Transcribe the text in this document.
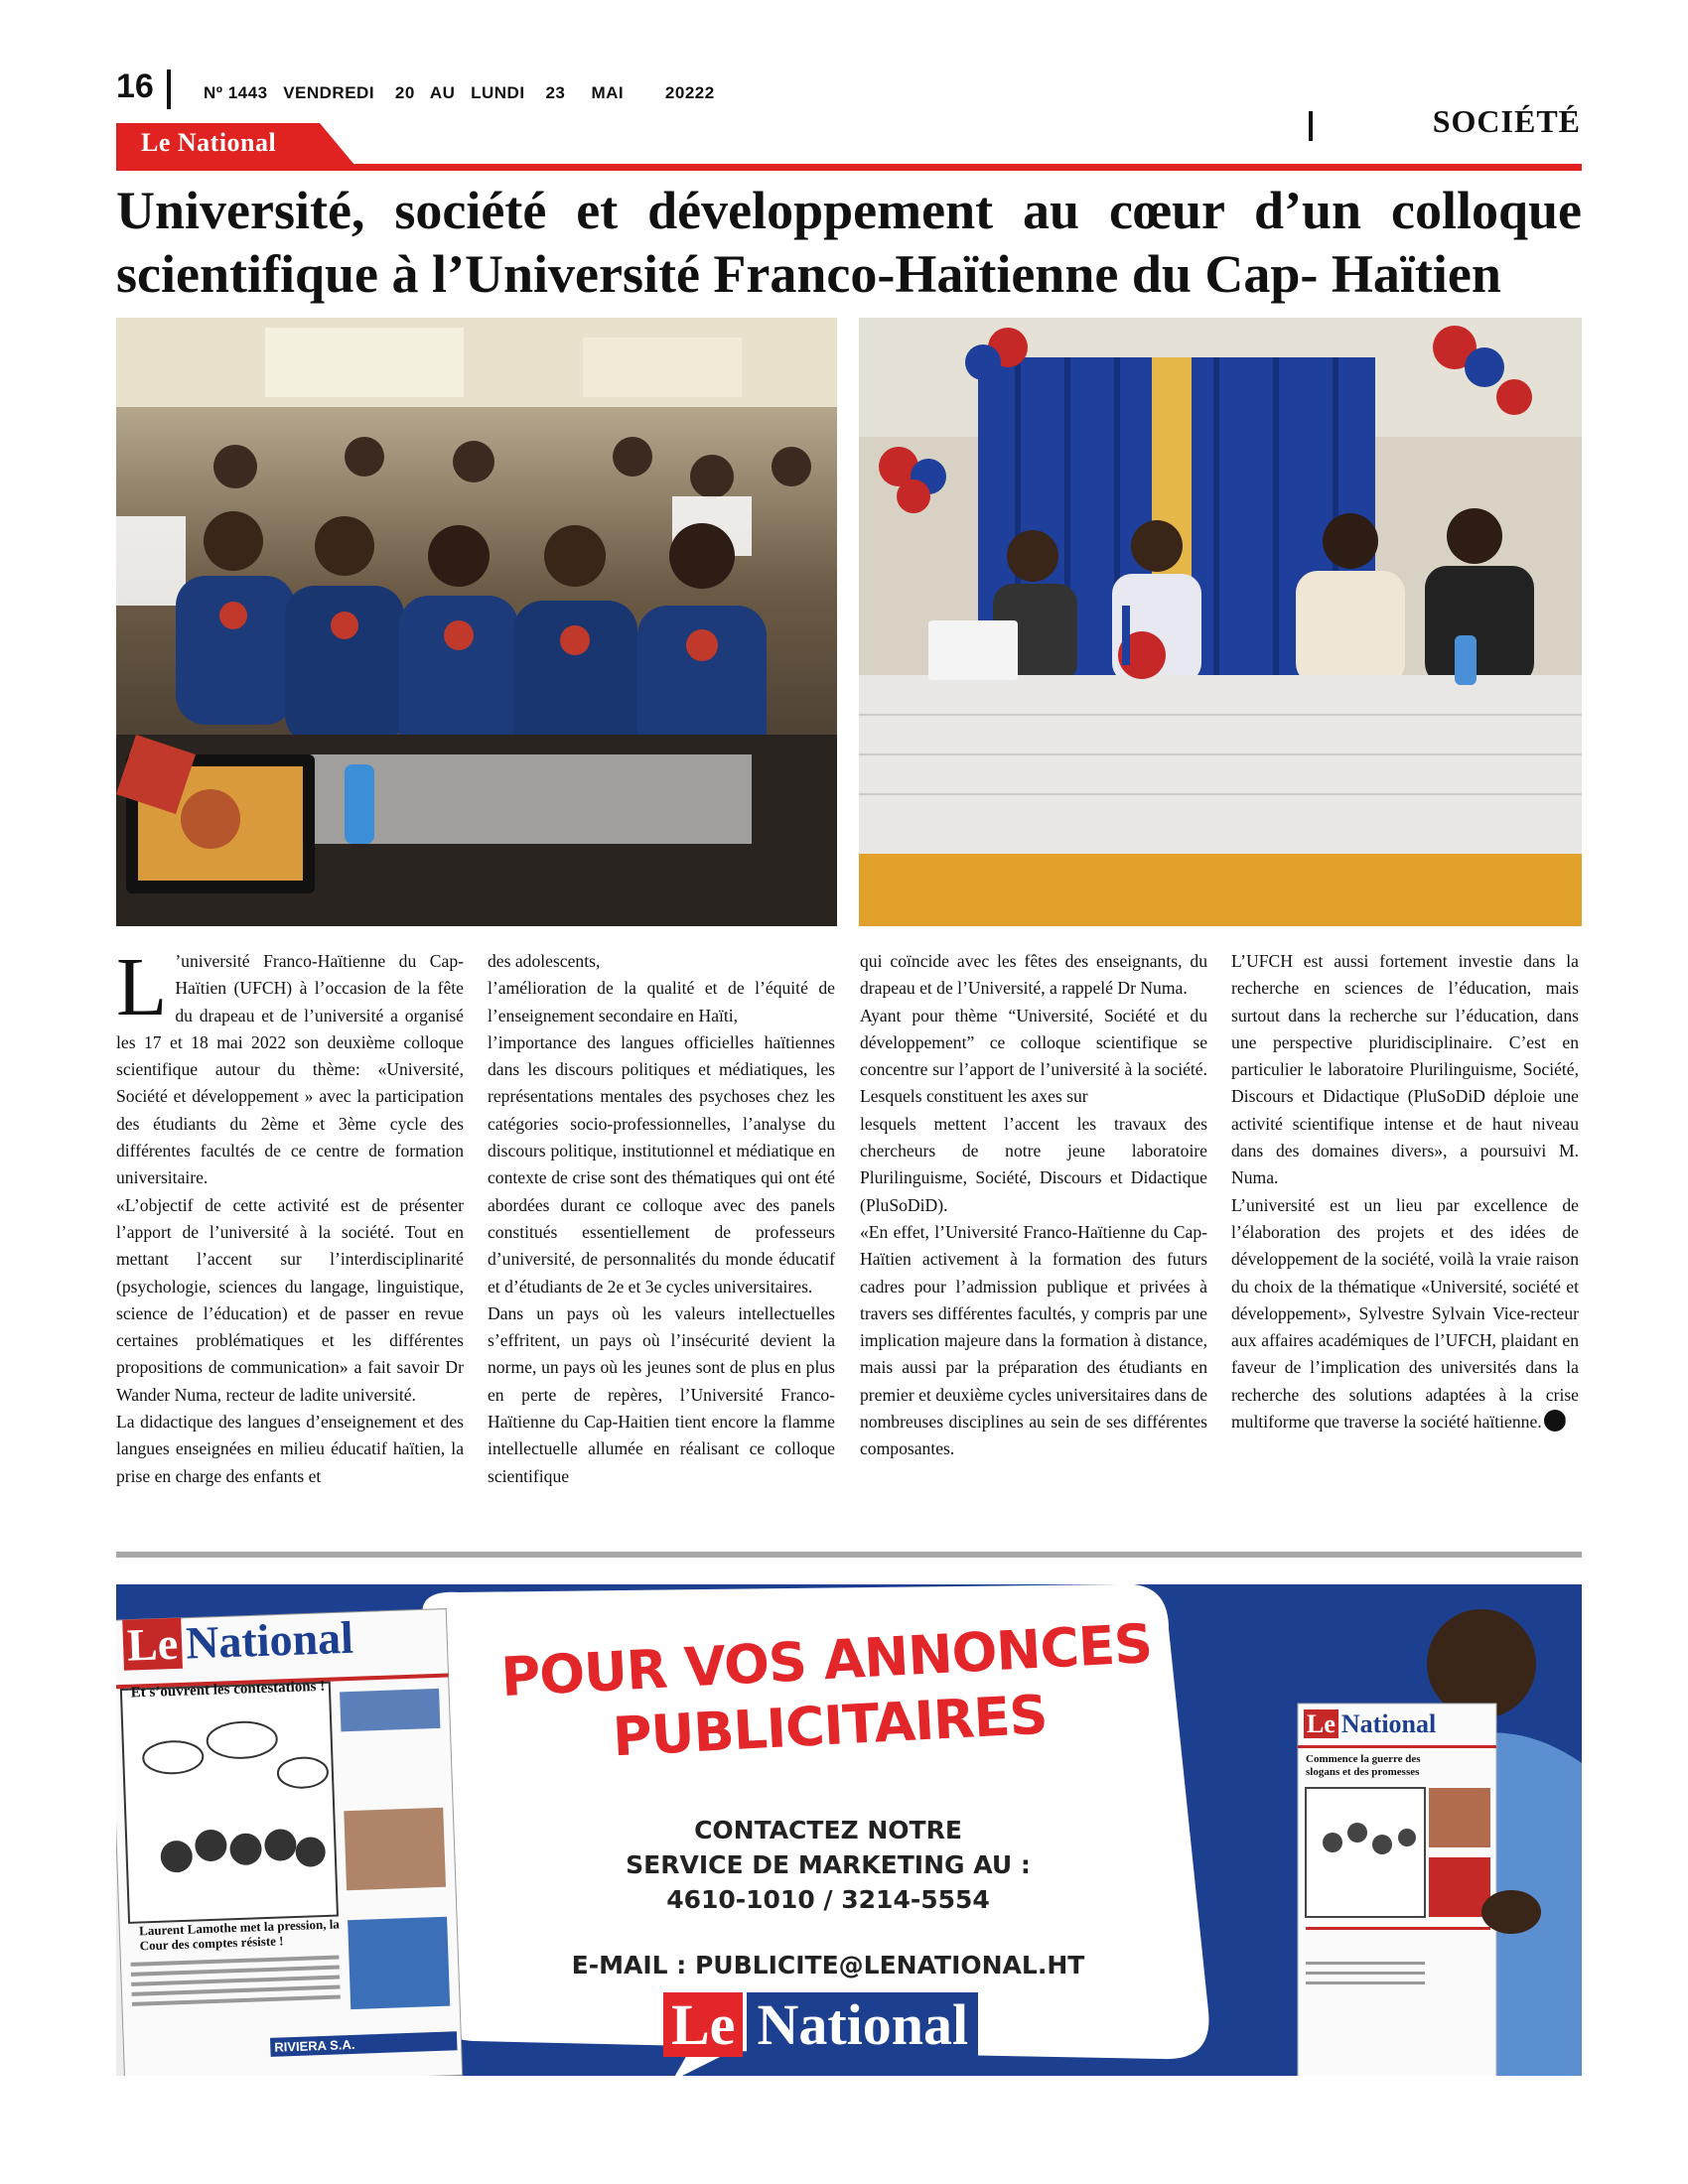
16	Nº 1443   VENDREDI    20   AU   LUNDI    23     MAI        20222
Le National
SOCIÉTÉ
Université, société et développement au cœur d’un colloque scientifique à l’Université Franco-Haïtienne du Cap- Haïtien
L ’université Franco-Haïtienne du Cap-Haïtien (UFCH) à l’occasion de la fête du drapeau et de l’université a organisé les 17 et 18 mai 2022 son deuxième colloque scientifique autour du thème: «Université, Société et développement » avec la participation des étudiants du 2ème et 3ème cycle des différentes facultés de ce centre de formation universitaire.

«L’objectif de cette activité est de présenter l’apport de l’université à la société. Tout en mettant l’accent sur l’interdisciplinarité (psychologie, sciences du langage, linguistique, science de l’éducation) et de passer en revue certaines problématiques et les différentes propositions de communication» a fait savoir Dr Wander Numa, recteur de ladite université.

La didactique des langues d’enseignement et des langues enseignées en milieu éducatif haïtien, la prise en charge des enfants et

des adolescents,

l’amélioration de la qualité et de l’équité de l’enseignement secondaire en Haïti,

l’importance des langues officielles haïtiennes dans les discours politiques et médiatiques, les représentations mentales des psychoses chez les catégories socio-professionnelles, l’analyse du discours politique, institutionnel et médiatique en contexte de crise sont des thématiques qui ont été abordées durant ce colloque avec des panels constitués essentiellement de professeurs d’université, de personnalités du monde éducatif et d’étudiants de 2e et 3e cycles universitaires.

Dans un pays où les valeurs intellectuelles s’effritent, un pays où l’insécurité devient la norme, un pays où les jeunes sont de plus en plus en perte de repères, l’Université Franco-Haïtienne du Cap-Haitien tient encore la flamme intellectuelle allumée en réalisant ce colloque scientifique

qui coïncide avec les fêtes des enseignants, du drapeau et de l’Université, a rappelé Dr Numa.

Ayant pour thème “Université, Société et du développement” ce colloque scientifique se concentre sur l’apport de l’université à la société. Lesquels constituent les axes sur

lesquels mettent l’accent les travaux des chercheurs de notre jeune laboratoire Plurilinguisme, Société, Discours et Didactique (PluSoDiD).

«En effet, l’Université Franco-Haïtienne du Cap-Haïtien activement à la formation des futurs cadres pour l’admission publique et privées à travers ses différentes facultés, y compris par une implication majeure dans la formation à distance, mais aussi par la préparation des étudiants en premier et deuxième cycles universitaires dans de nombreuses disciplines au sein de ses différentes composantes.

L’UFCH est aussi fortement investie dans la recherche en sciences de l’éducation, mais surtout dans la recherche sur l’éducation, dans une perspective pluridisciplinaire. C’est en particulier le laboratoire Plurilinguisme, Société, Discours et Didactique (PluSoDiD déploie une activité scientifique intense et de haut niveau dans des domaines divers», a poursuivi M. Numa.

L’université est un lieu par excellence de l’élaboration des projets et des idées de développement de la société, voilà la vraie raison du choix de la thématique «Université, société et développement», Sylvestre Sylvain Vice-recteur aux affaires académiques de l’UFCH, plaidant en faveur de l’implication des universités dans la recherche des solutions adaptées à la crise multiforme que traverse la société haïtienne.

Le National
Et s’ouvrent les contestations !
Laurent Lamothe met la pression, la Cour des comptes résiste !
RIVIERA S.A.
Le National
Commence la guerre des slogans et des promesses
POUR VOS ANNONCES
PUBLICITAIRES
CONTACTEZ NOTRE
SERVICE DE MARKETING AU :
4610-1010 / 3214-5554
E-MAIL : PUBLICITE@LENATIONAL.HT
Le National
